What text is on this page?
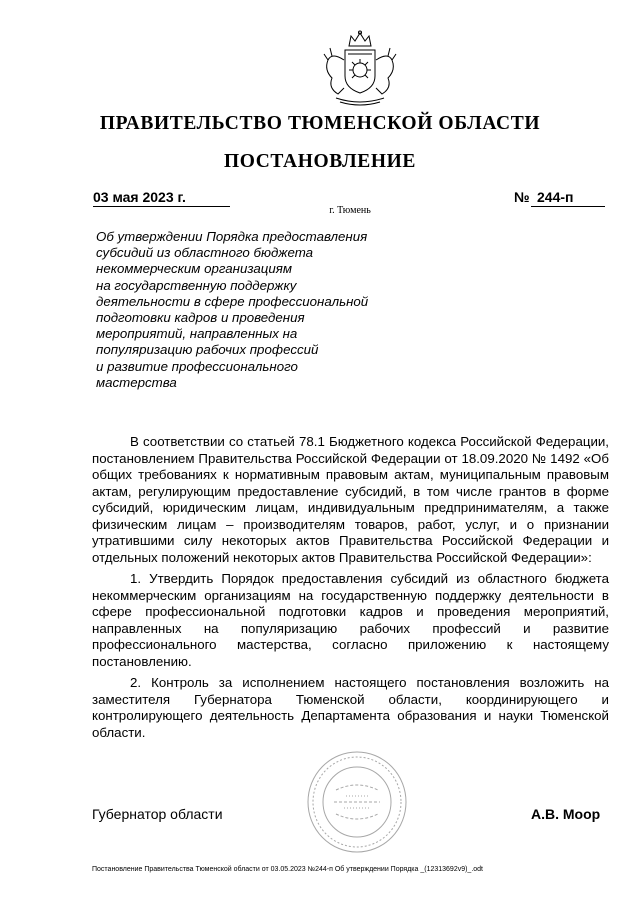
ПРАВИТЕЛЬСТВО ТЮМЕНСКОЙ ОБЛАСТИ
ПОСТАНОВЛЕНИЕ
03 мая 2023 г.	№ 244-п
г. Тюмень
Об утверждении Порядка предоставления
субсидий из областного бюджета
некоммерческим организациям
на государственную поддержку
деятельности в сфере профессиональной
подготовки кадров и проведения
мероприятий, направленных на
популяризацию рабочих профессий
и развитие профессионального
мастерства

В соответствии со статьей 78.1 Бюджетного кодекса Российской Федерации, постановлением Правительства Российской Федерации от 18.09.2020 № 1492 «Об общих требованиях к нормативным правовым актам, муниципальным правовым актам, регулирующим предоставление субсидий, в том числе грантов в форме субсидий, юридическим лицам, индивидуальным предпринимателям, а также физическим лицам – производителям товаров, работ, услуг, и о признании утратившими силу некоторых актов Правительства Российской Федерации и отдельных положений некоторых актов Правительства Российской Федерации»:

1. Утвердить Порядок предоставления субсидий из областного бюджета некоммерческим организациям на государственную поддержку деятельности в сфере профессиональной подготовки кадров и проведения мероприятий, направленных на популяризацию рабочих профессий и развитие профессионального мастерства, согласно приложению к настоящему постановлению.

2. Контроль за исполнением настоящего постановления возложить на заместителя Губернатора Тюменской области, координирующего и контролирующего деятельность Департамента образования и науки Тюменской области.

Губернатор области	А.В. Моор
Постановление Правительства Тюменской области от 03.05.2023 №244-п Об утверждении Порядка _(12313692v9)_.odt
